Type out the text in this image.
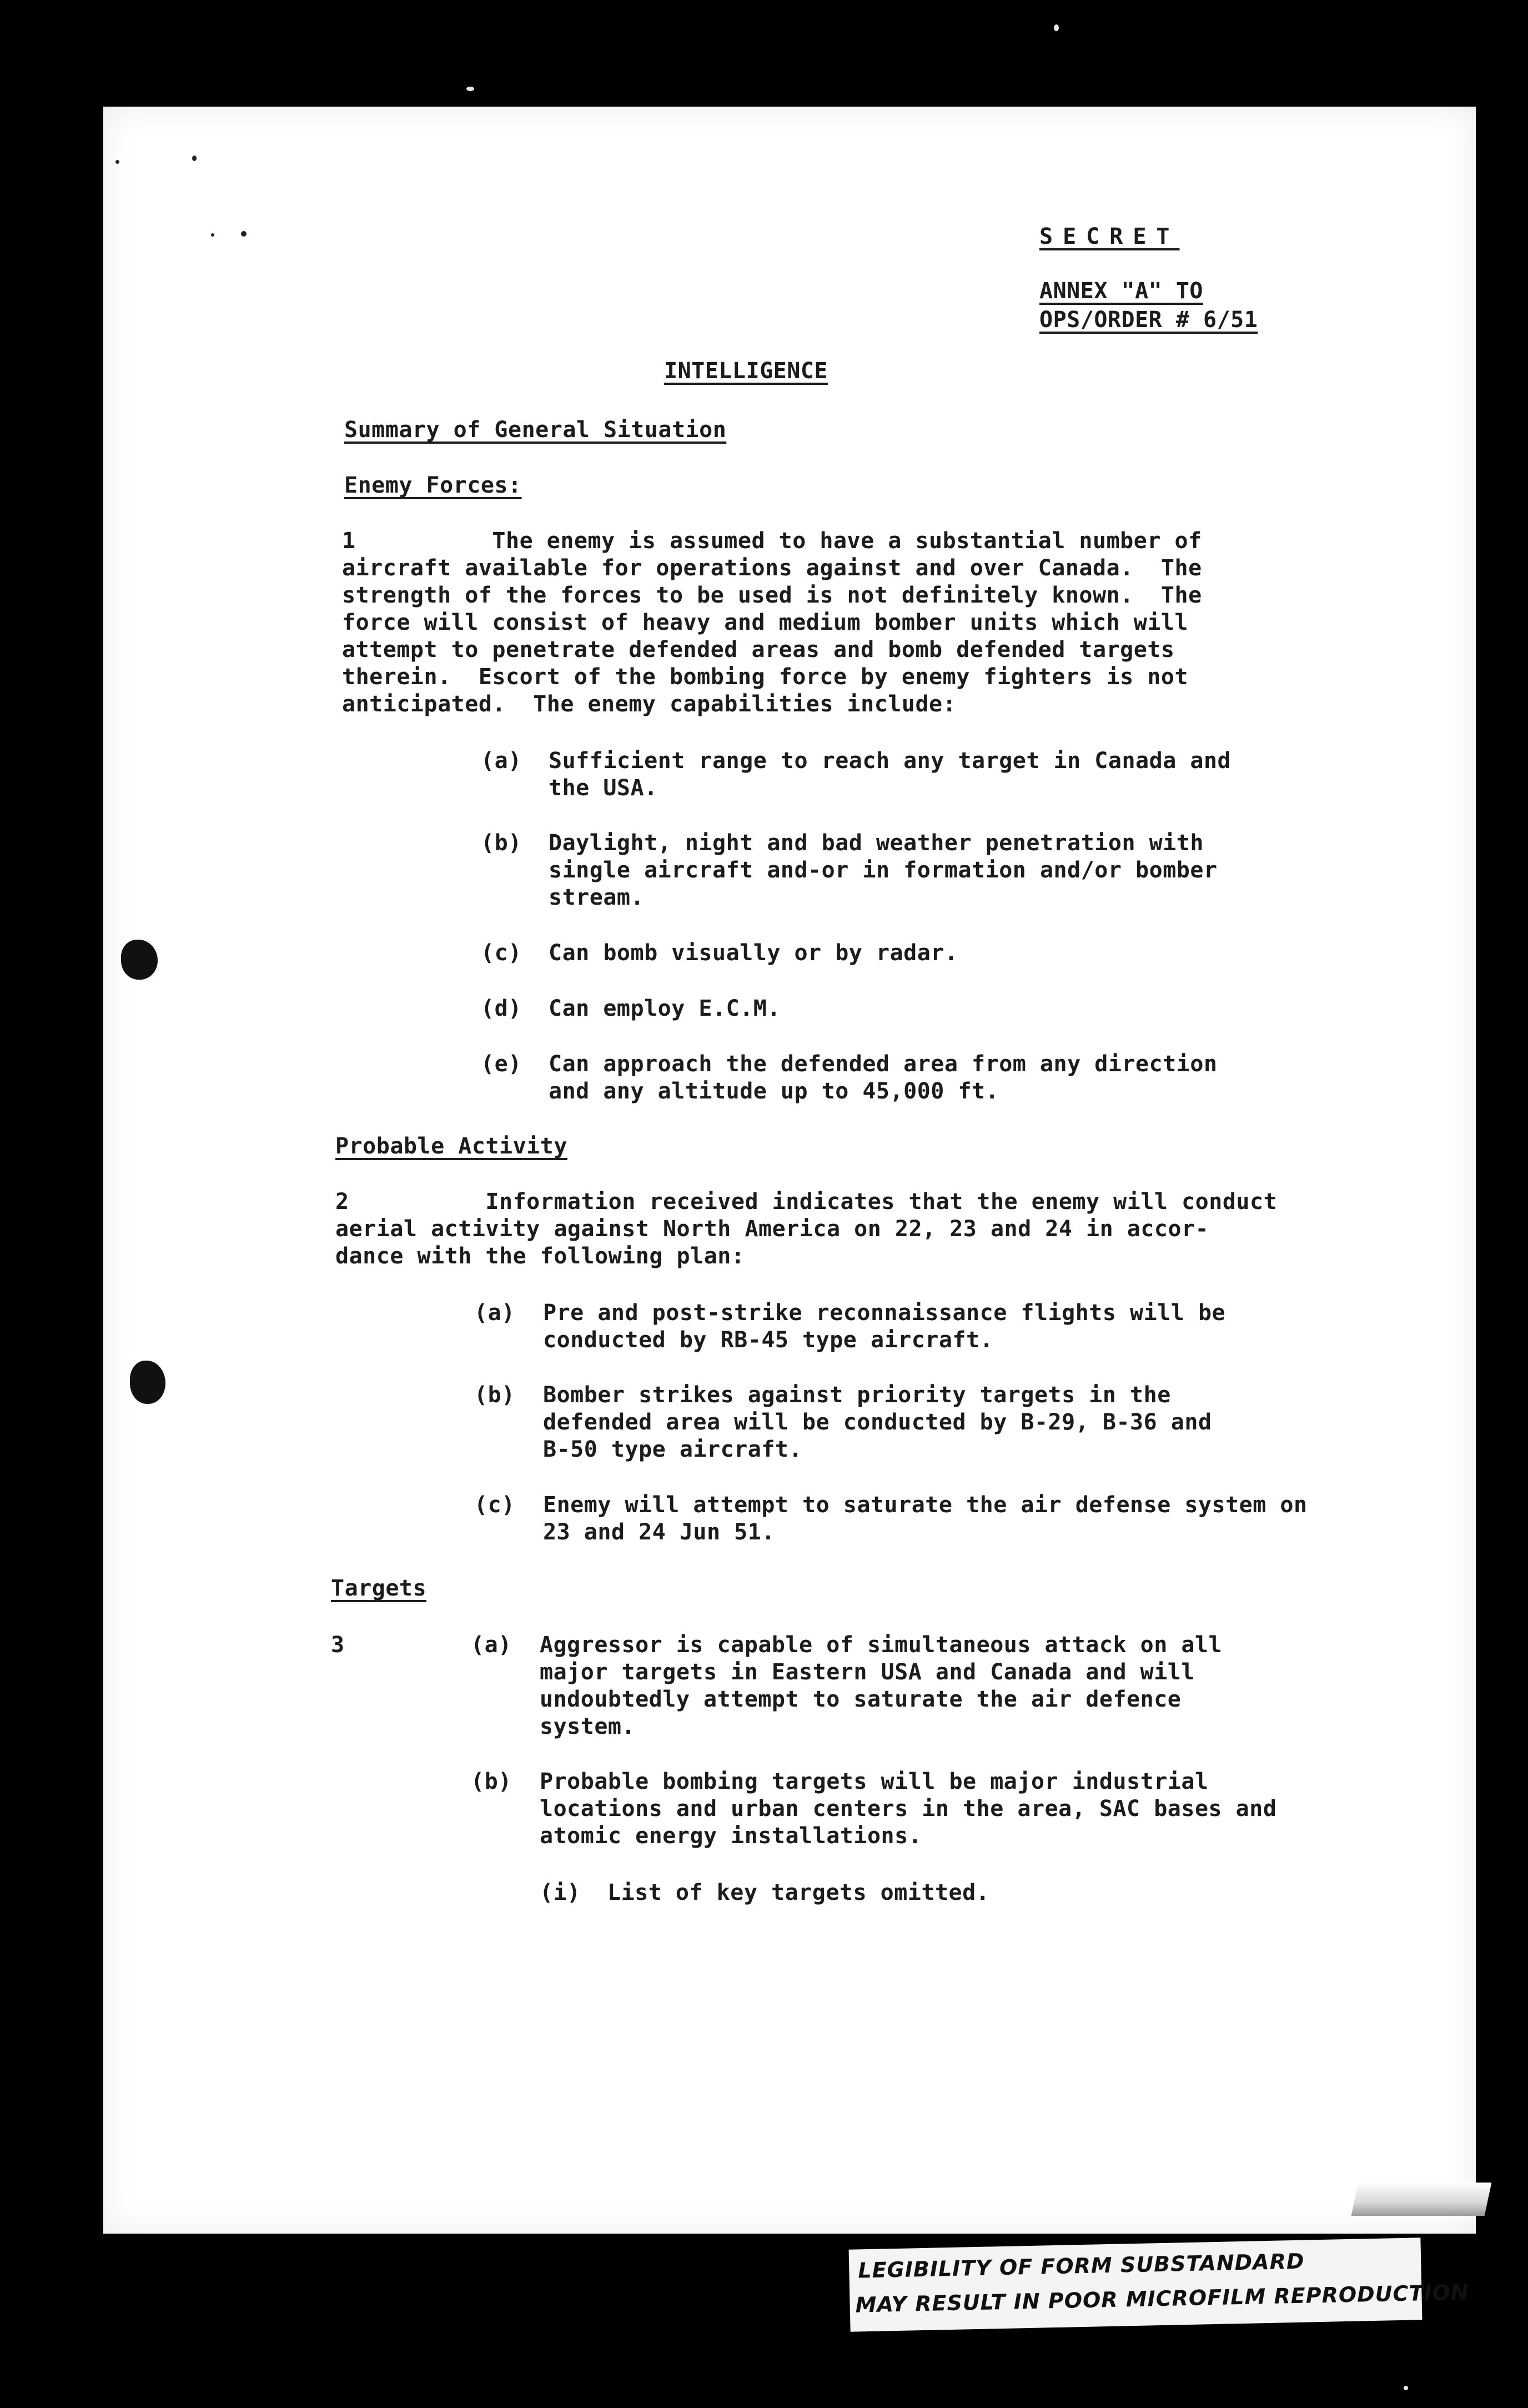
SECRET
ANNEX "A" TO
OPS/ORDER # 6/51
INTELLIGENCE
Summary of General Situation
Enemy Forces:
1          The enemy is assumed to have a substantial number of
aircraft available for operations against and over Canada.  The
strength of the forces to be used is not definitely known.  The
force will consist of heavy and medium bomber units which will
attempt to penetrate defended areas and bomb defended targets
therein.  Escort of the bombing force by enemy fighters is not
anticipated.  The enemy capabilities include:
(a) Sufficient range to reach any target in Canada and
the USA.
(b) Daylight, night and bad weather penetration with
single aircraft and-or in formation and/or bomber
stream.
(c) Can bomb visually or by radar.
(d) Can employ E.C.M.
(e) Can approach the defended area from any direction
and any altitude up to 45,000 ft.
Probable Activity
2          Information received indicates that the enemy will conduct
aerial activity against North America on 22, 23 and 24 in accor-
dance with the following plan:
(a) Pre and post-strike reconnaissance flights will be
conducted by RB-45 type aircraft.
(b) Bomber strikes against priority targets in the
defended area will be conducted by B-29, B-36 and
B-50 type aircraft.
(c) Enemy will attempt to saturate the air defense system on
23 and 24 Jun 51.
Targets
3	(a) Aggressor is capable of simultaneous attack on all
major targets in Eastern USA and Canada and will
undoubtedly attempt to saturate the air defence
system.
(b) Probable bombing targets will be major industrial
locations and urban centers in the area, SAC bases and
atomic energy installations.
(i) List of key targets omitted.
LEGIBILITY OF FORM SUBSTANDARD
MAY RESULT IN POOR MICROFILM REPRODUCTION
